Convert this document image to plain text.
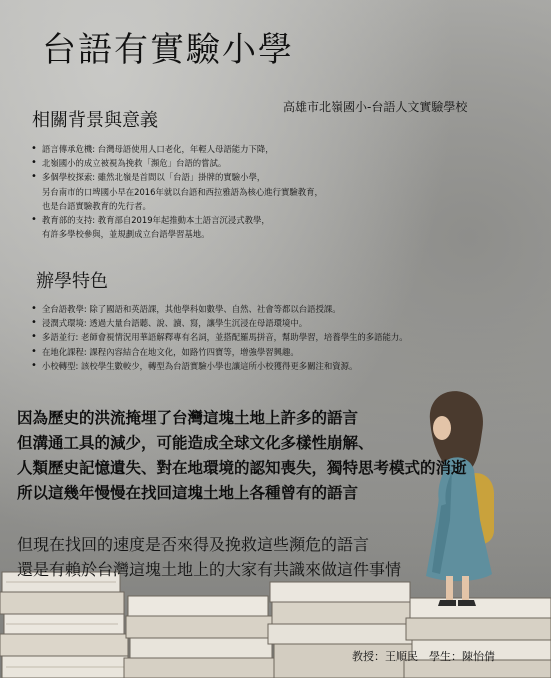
台語有實驗小學
高雄市北嶺國小-台語人文實驗學校
相關背景與意義
• 語言傳承危機: 台灣母語使用人口老化，年輕人母語能力下降，
• 北嶺國小的成立被視為挽救「瀕危」台語的嘗試。
• 多個學校探索: 雖然北嶺是首間以「台語」掛牌的實驗小學，
另台南市的口埤國小早在2016年就以台語和西拉雅語為核心進行實驗教育，
也是台語實驗教育的先行者。
• 教育部的支持: 教育部自2019年起推動本土語言沉浸式教學，
有許多學校參與，並規劃成立台語學習基地。
辦學特色
• 全台語教學: 除了國語和英語課，其他學科如數學、自然、社會等都以台語授課。
• 浸潤式環境: 透過大量台語聽、說、讀、寫，讓學生沉浸在母語環境中。
• 多語並行: 老師會視情況用華語解釋專有名詞，並搭配羅馬拼音，幫助學習，培養學生的多語能力。
• 在地化課程: 課程內容結合在地文化，如路竹四寶等，增強學習興趣。
• 小校轉型: 該校學生數較少，轉型為台語實驗小學也讓這所小校獲得更多關注和資源。
因為歷史的洪流掩埋了台灣這塊土地上許多的語言
但溝通工具的減少，可能造成全球文化多樣性崩解、
人類歷史記憶遺失、對在地環境的認知喪失，獨特思考模式的消逝
所以這幾年慢慢在找回這塊土地上各種曾有的語言
但現在找回的速度是否來得及挽救這些瀕危的語言
還是有賴於台灣這塊土地上的大家有共識來做這件事情
教授：王順民　學生：陳怡倩
